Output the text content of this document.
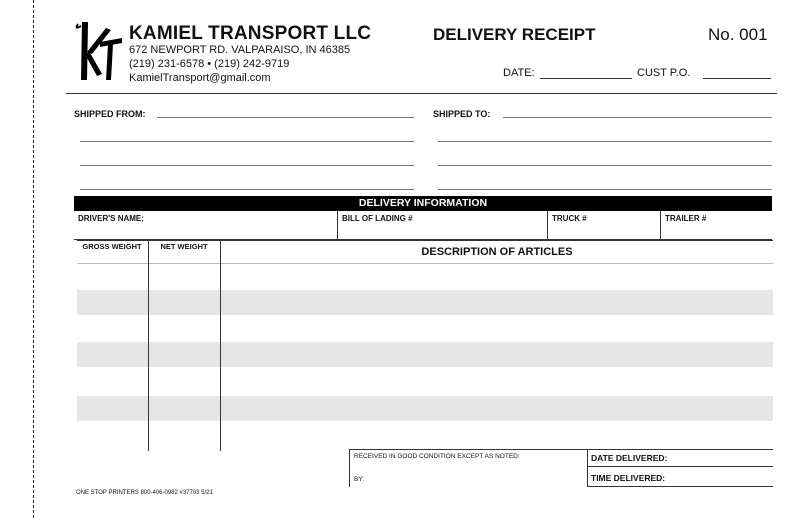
KAMIEL TRANSPORT LLC
672 NEWPORT RD. VALPARAISO, IN 46385
(219) 231-6578 • (219) 242-9719
KamielTransport@gmail.com
DELIVERY RECEIPT	No. 001
DATE:	CUST P.O.
SHIPPED FROM:	SHIPPED TO:
DELIVERY INFORMATION
DRIVER'S NAME:	BILL OF LADING #	TRUCK #	TRAILER #
GROSS WEIGHT	NET WEIGHT	DESCRIPTION OF ARTICLES
RECEIVED IN GOOD CONDITION EXCEPT AS NOTED:
BY:
DATE DELIVERED:
TIME DELIVERED:
ONE STOP PRINTERS 800-406-0982 #37703 5/21
